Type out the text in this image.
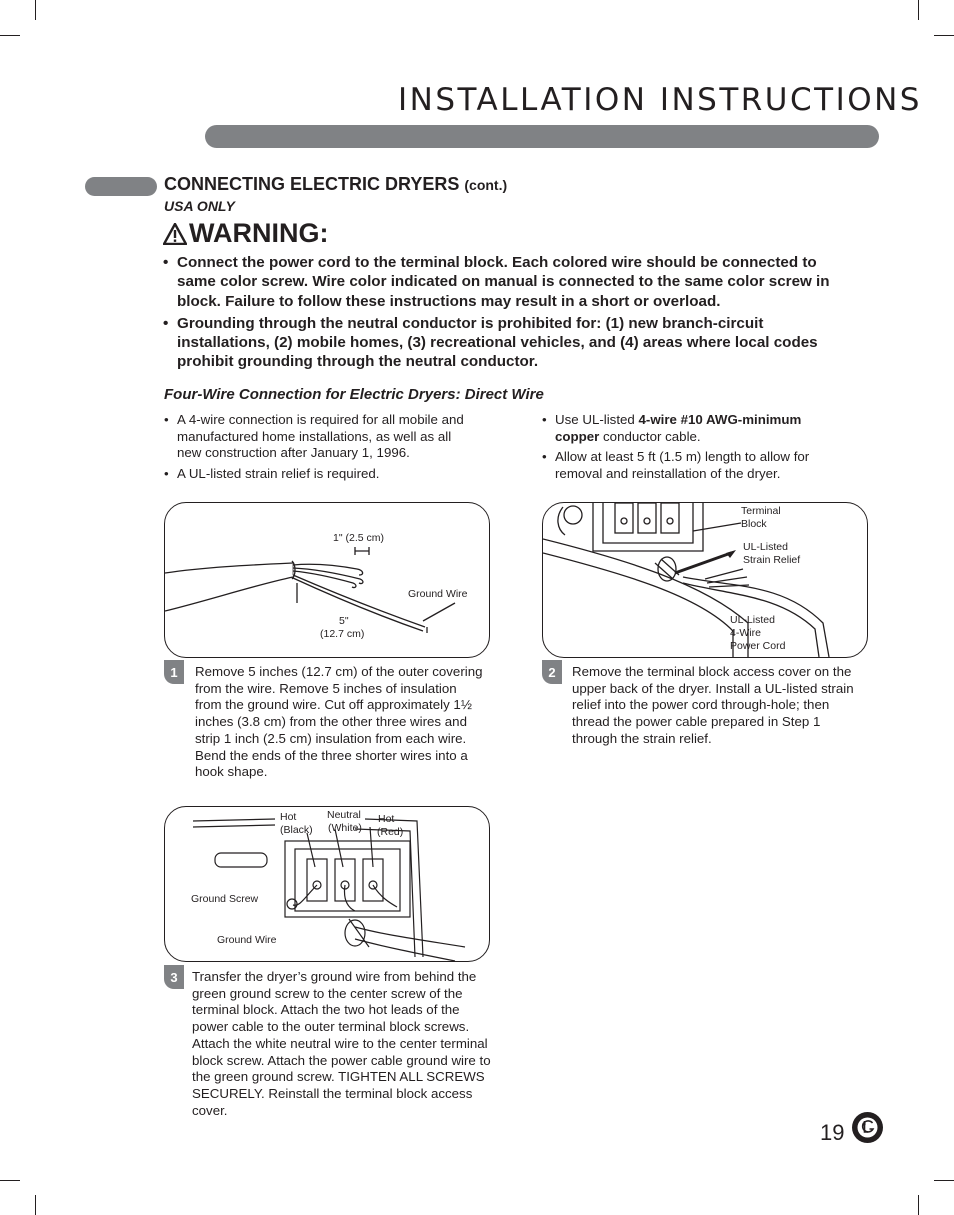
INSTALLATION INSTRUCTIONS
CONNECTING ELECTRIC DRYERS (cont.)
USA ONLY
WARNING:
• Connect the power cord to the terminal block. Each colored wire should be connected to same color screw. Wire color indicated on manual is connected to the same color screw in block. Failure to follow these instructions may result in a short or overload.
• Grounding through the neutral conductor is prohibited for: (1) new branch-circuit installations, (2) mobile homes, (3) recreational vehicles, and (4) areas where local codes prohibit grounding through the neutral conductor.
Four-Wire Connection for Electric Dryers: Direct Wire
• A 4-wire connection is required for all mobile and manufactured home installations, as well as all new construction after January 1, 1996.
• A UL-listed strain relief is required.
• Use UL-listed 4-wire #10 AWG-minimum copper conductor cable.
• Allow at least 5 ft (1.5 m) length to allow for removal and reinstallation of the dryer.
1" (2.5 cm)
Ground Wire
5"
(12.7 cm)
Terminal
Block
UL-Listed
Strain Relief
UL-Listed
4-Wire
Power Cord
1	Remove 5 inches (12.7 cm) of the outer covering from the wire. Remove 5 inches of insulation from the ground wire. Cut off approximately 1½ inches (3.8 cm) from the other three wires and strip 1 inch (2.5 cm) insulation from each wire. Bend the ends of the three shorter wires into a hook shape.
2	Remove the terminal block access cover on the upper back of the dryer. Install a UL-listed strain relief into the power cord through-hole; then thread the power cable prepared in Step 1 through the strain relief.
Hot
(Black)
Neutral
(White)
Hot
(Red)
Ground Screw
Ground Wire
3	Transfer the dryer’s ground wire from behind the green ground screw to the center screw of the terminal block. Attach the two hot leads of the power cable to the outer terminal block screws. Attach the white neutral wire to the center terminal block screw. Attach the power cable ground wire to the green ground screw. TIGHTEN ALL SCREWS SECURELY. Reinstall the terminal block access cover.
19
